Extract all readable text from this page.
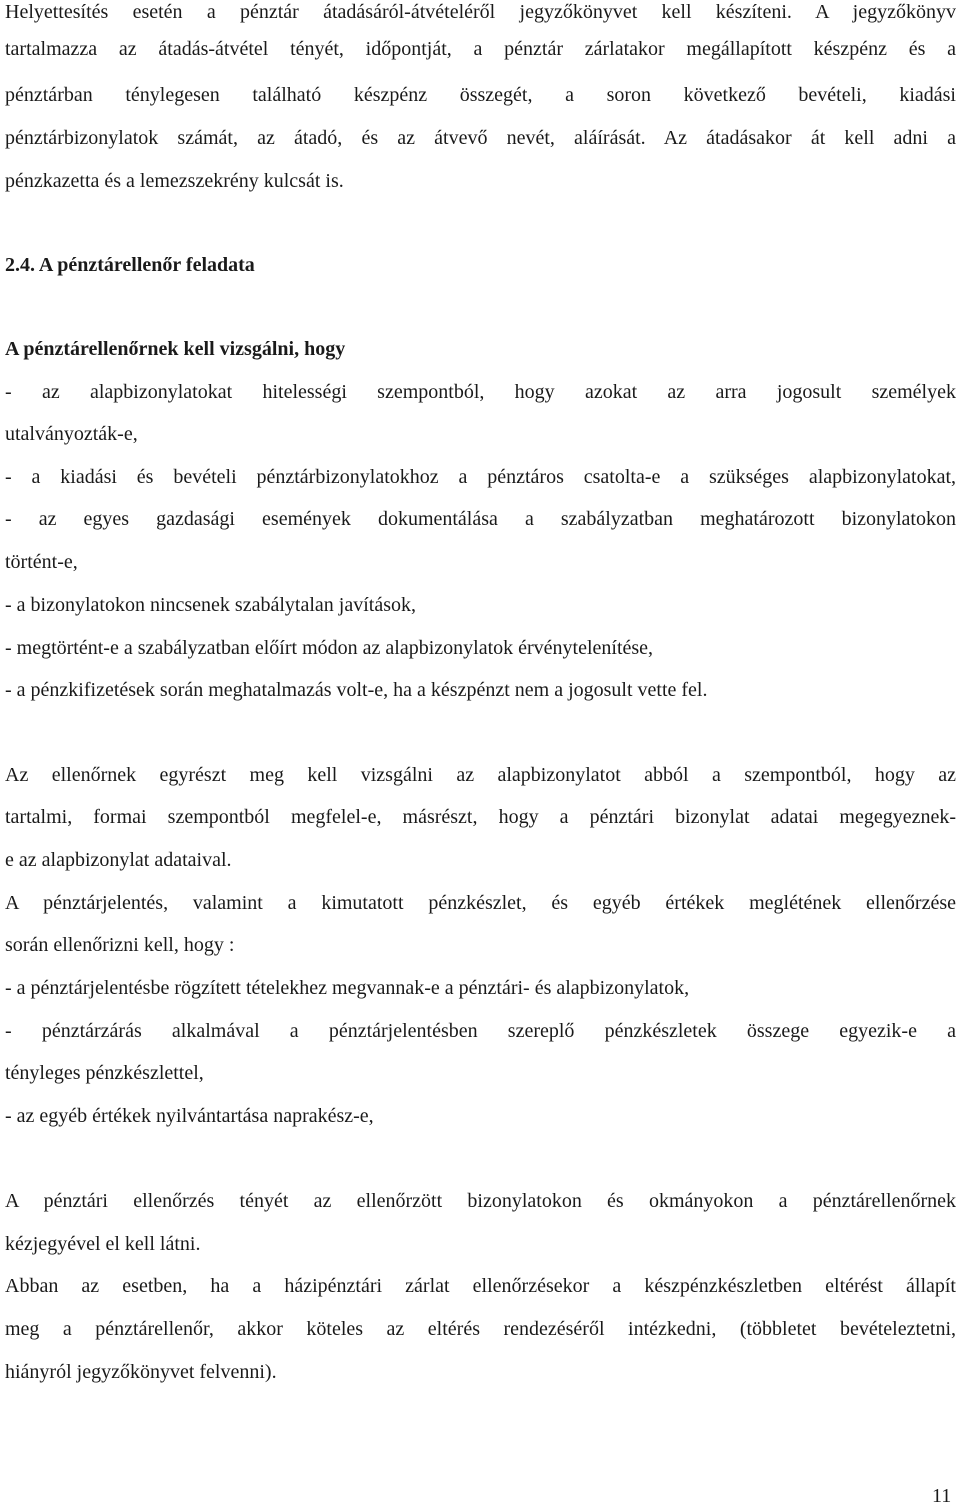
Helyettesítés esetén a pénztár átadásáról-átvételéről jegyzőkönyvet kell készíteni. A jegyzőkönyv
tartalmazza az átadás-átvétel tényét, időpontját, a pénztár zárlatakor megállapított készpénz és a
pénztárban ténylegesen található készpénz összegét, a soron következő bevételi, kiadási
pénztárbizonylatok számát, az átadó, és az átvevő nevét, aláírását. Az átadásakor át kell adni a
pénzkazetta és a lemezszekrény kulcsát is.
2.4. A pénztárellenőr feladata
A pénztárellenőrnek kell vizsgálni, hogy
- az alapbizonylatokat hitelességi szempontból, hogy azokat az arra jogosult személyek
utalványozták-e,
- a kiadási és bevételi pénztárbizonylatokhoz a pénztáros csatolta-e a szükséges alapbizonylatokat,
- az egyes gazdasági események dokumentálása a szabályzatban meghatározott bizonylatokon
történt-e,
- a bizonylatokon nincsenek szabálytalan javítások,
- megtörtént-e a szabályzatban előírt módon az alapbizonylatok érvénytelenítése,
- a pénzkifizetések során meghatalmazás volt-e, ha a készpénzt nem a jogosult vette fel.
Az ellenőrnek egyrészt meg kell vizsgálni az alapbizonylatot abból a szempontból, hogy az
tartalmi, formai szempontból megfelel-e, másrészt, hogy a pénztári bizonylat adatai megegyeznek-
e az alapbizonylat adataival.
A pénztárjelentés, valamint a kimutatott pénzkészlet, és egyéb értékek meglétének ellenőrzése
során ellenőrizni kell, hogy :
- a pénztárjelentésbe rögzített tételekhez megvannak-e a pénztári- és alapbizonylatok,
- pénztárzárás alkalmával a pénztárjelentésben szereplő pénzkészletek összege egyezik-e a
tényleges pénzkészlettel,
- az egyéb értékek nyilvántartása naprakész-e,
A pénztári ellenőrzés tényét az ellenőrzött bizonylatokon és okmányokon a pénztárellenőrnek
kézjegyével el kell látni.
Abban az esetben, ha a házipénztári zárlat ellenőrzésekor a készpénzkészletben eltérést állapít
meg a pénztárellenőr, akkor köteles az eltérés rendezéséről intézkedni, (többletet bevételeztetni,
hiányról jegyzőkönyvet felvenni).
11
